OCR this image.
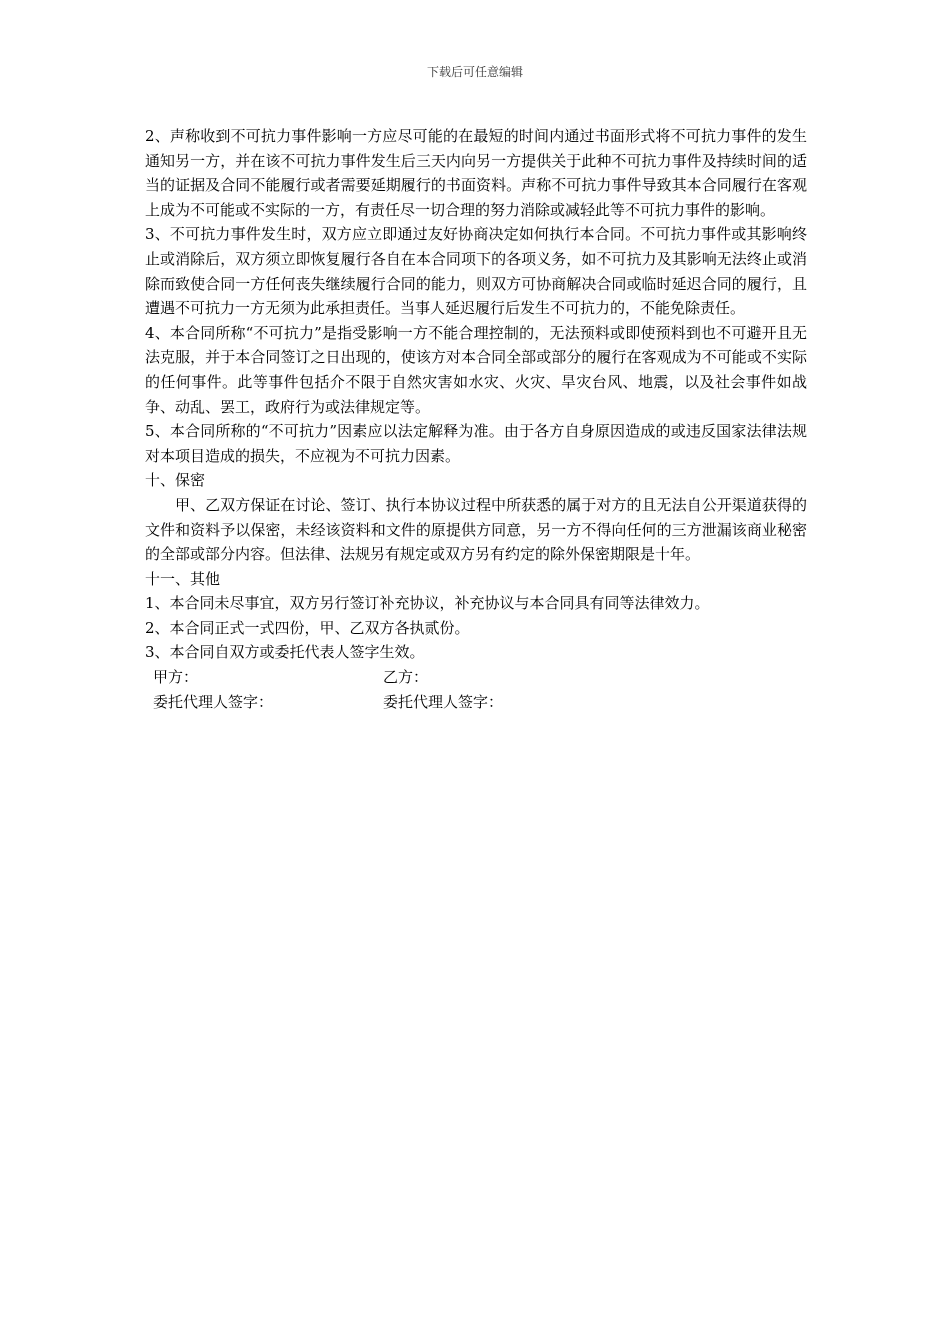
下载后可任意编辑

2、声称收到不可抗力事件影响一方应尽可能的在最短的时间内通过书面形式将不可抗力事件的发生通知另一方，并在该不可抗力事件发生后三天内向另一方提供关于此种不可抗力事件及持续时间的适当的证据及合同不能履行或者需要延期履行的书面资料。声称不可抗力事件导致其本合同履行在客观上成为不可能或不实际的一方，有责任尽一切合理的努力消除或减轻此等不可抗力事件的影响。

3、不可抗力事件发生时，双方应立即通过友好协商决定如何执行本合同。不可抗力事件或其影响终止或消除后，双方须立即恢复履行各自在本合同项下的各项义务，如不可抗力及其影响无法终止或消除而致使合同一方任何丧失继续履行合同的能力，则双方可协商解决合同或临时延迟合同的履行，且遭遇不可抗力一方无须为此承担责任。当事人延迟履行后发生不可抗力的，不能免除责任。

4、本合同所称“不可抗力”是指受影响一方不能合理控制的，无法预料或即使预料到也不可避开且无法克服，并于本合同签订之日出现的，使该方对本合同全部或部分的履行在客观成为不可能或不实际的任何事件。此等事件包括介不限于自然灾害如水灾、火灾、旱灾台风、地震，以及社会事件如战争、动乱、罢工，政府行为或法律规定等。

5、本合同所称的“不可抗力”因素应以法定解释为准。由于各方自身原因造成的或违反国家法律法规对本项目造成的损失，不应视为不可抗力因素。

十、保密

甲、乙双方保证在讨论、签订、执行本协议过程中所获悉的属于对方的且无法自公开渠道获得的文件和资料予以保密，未经该资料和文件的原提供方同意，另一方不得向任何的三方泄漏该商业秘密的全部或部分内容。但法律、法规另有规定或双方另有约定的除外保密期限是十年。

十一、其他

1、本合同未尽事宜，双方另行签订补充协议，补充协议与本合同具有同等法律效力。

2、本合同正式一式四份，甲、乙双方各执贰份。

3、本合同自双方或委托代表人签字生效。

甲方：	乙方：
委托代理人签字：	委托代理人签字：
